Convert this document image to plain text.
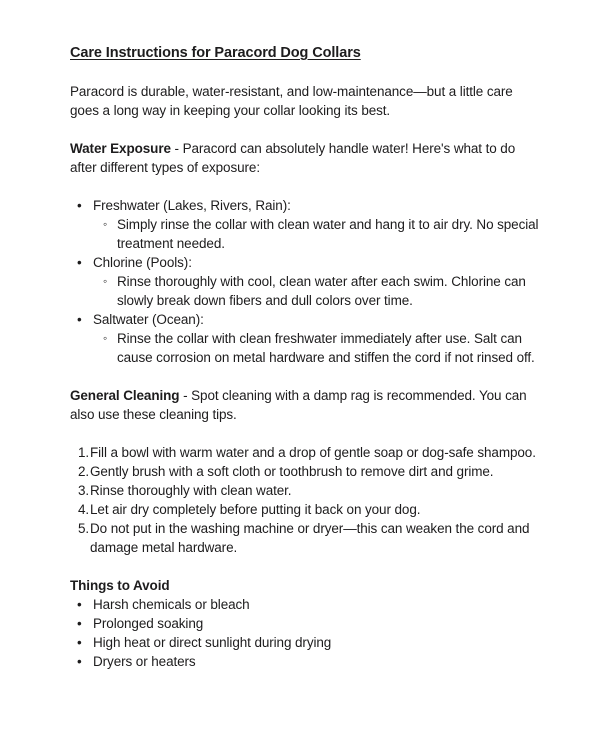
Care Instructions for Paracord Dog Collars

Paracord is durable, water-resistant, and low-maintenance—but a little care goes a long way in keeping your collar looking its best.

Water Exposure - Paracord can absolutely handle water! Here's what to do after different types of exposure:

• Freshwater (Lakes, Rivers, Rain):
◦ Simply rinse the collar with clean water and hang it to air dry. No special treatment needed.
• Chlorine (Pools):
◦ Rinse thoroughly with cool, clean water after each swim. Chlorine can slowly break down fibers and dull colors over time.
• Saltwater (Ocean):
◦ Rinse the collar with clean freshwater immediately after use. Salt can cause corrosion on metal hardware and stiffen the cord if not rinsed off.

General Cleaning - Spot cleaning with a damp rag is recommended. You can also use these cleaning tips.

1. Fill a bowl with warm water and a drop of gentle soap or dog-safe shampoo.
2. Gently brush with a soft cloth or toothbrush to remove dirt and grime.
3. Rinse thoroughly with clean water.
4. Let air dry completely before putting it back on your dog.
5. Do not put in the washing machine or dryer—this can weaken the cord and damage metal hardware.

Things to Avoid

• Harsh chemicals or bleach
• Prolonged soaking
• High heat or direct sunlight during drying
• Dryers or heaters
